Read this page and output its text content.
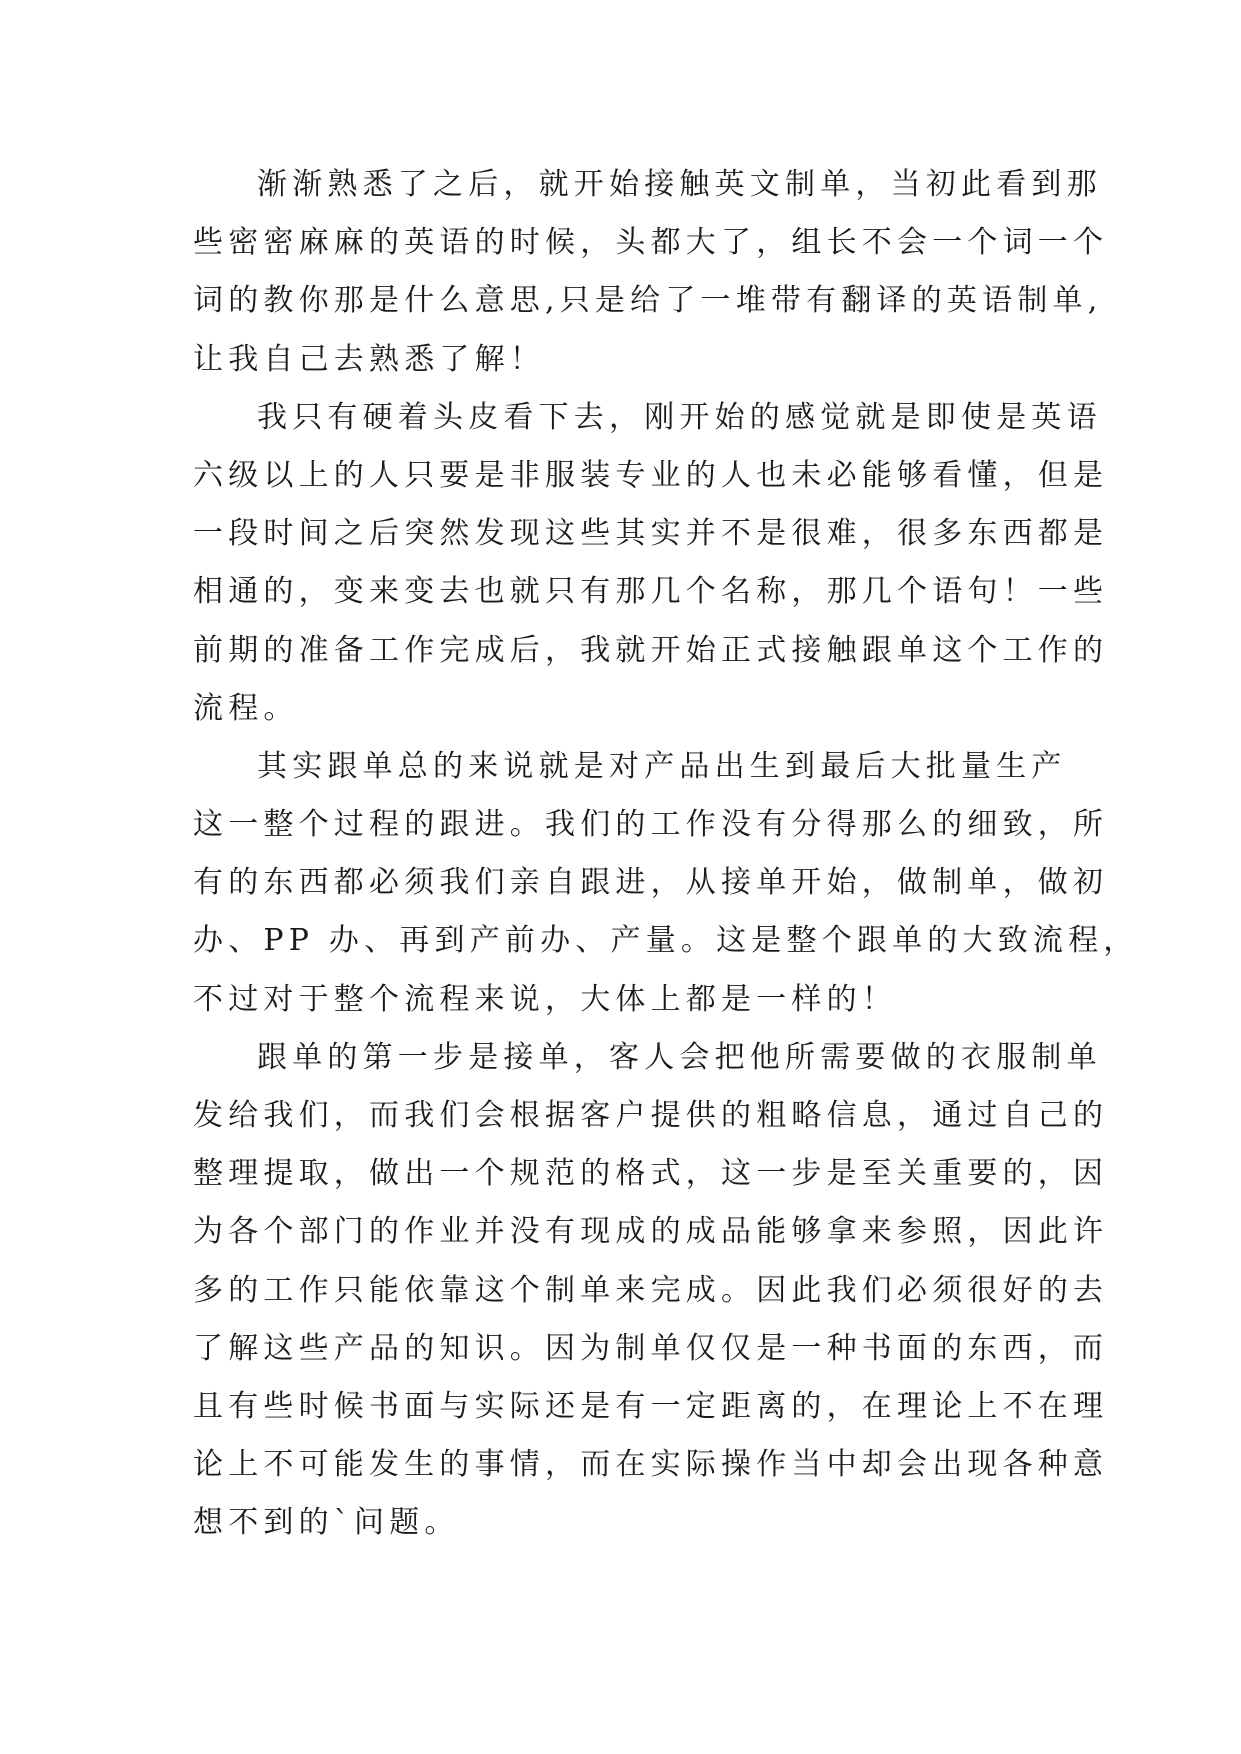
渐渐熟悉了之后，就开始接触英文制单，当初此看到那
些密密麻麻的英语的时候，头都大了，组长不会一个词一个
词的教你那是什么意思,只是给了一堆带有翻译的英语制单,
让我自己去熟悉了解！
我只有硬着头皮看下去，刚开始的感觉就是即使是英语
六级以上的人只要是非服装专业的人也未必能够看懂，但是
一段时间之后突然发现这些其实并不是很难，很多东西都是
相通的，变来变去也就只有那几个名称，那几个语句！一些
前期的准备工作完成后，我就开始正式接触跟单这个工作的
流程。
其实跟单总的来说就是对产品出生到最后大批量生产
这一整个过程的跟进。我们的工作没有分得那么的细致，所
有的东西都必须我们亲自跟进，从接单开始，做制单，做初
办、PP 办、再到产前办、产量。这是整个跟单的大致流程，
不过对于整个流程来说，大体上都是一样的！
跟单的第一步是接单，客人会把他所需要做的衣服制单
发给我们，而我们会根据客户提供的粗略信息，通过自己的
整理提取，做出一个规范的格式，这一步是至关重要的，因
为各个部门的作业并没有现成的成品能够拿来参照，因此许
多的工作只能依靠这个制单来完成。因此我们必须很好的去
了解这些产品的知识。因为制单仅仅是一种书面的东西，而
且有些时候书面与实际还是有一定距离的，在理论上不在理
论上不可能发生的事情，而在实际操作当中却会出现各种意
想不到的`问题。
